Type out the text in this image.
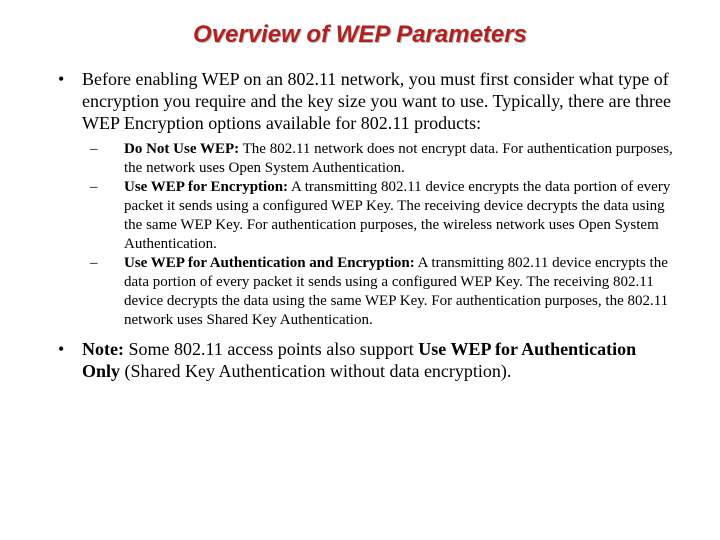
Overview of WEP Parameters
• Before enabling WEP on an 802.11 network, you must first consider what type of encryption you require and the key size you want to use. Typically, there are three WEP Encryption options available for 802.11 products:
– Do Not Use WEP: The 802.11 network does not encrypt data. For authentication purposes, the network uses Open System Authentication.
– Use WEP for Encryption: A transmitting 802.11 device encrypts the data portion of every packet it sends using a configured WEP Key. The receiving device decrypts the data using the same WEP Key. For authentication purposes, the wireless network uses Open System Authentication.
– Use WEP for Authentication and Encryption: A transmitting 802.11 device encrypts the data portion of every packet it sends using a configured WEP Key. The receiving 802.11 device decrypts the data using the same WEP Key. For authentication purposes, the 802.11 network uses Shared Key Authentication.
• Note: Some 802.11 access points also support Use WEP for Authentication Only (Shared Key Authentication without data encryption).
